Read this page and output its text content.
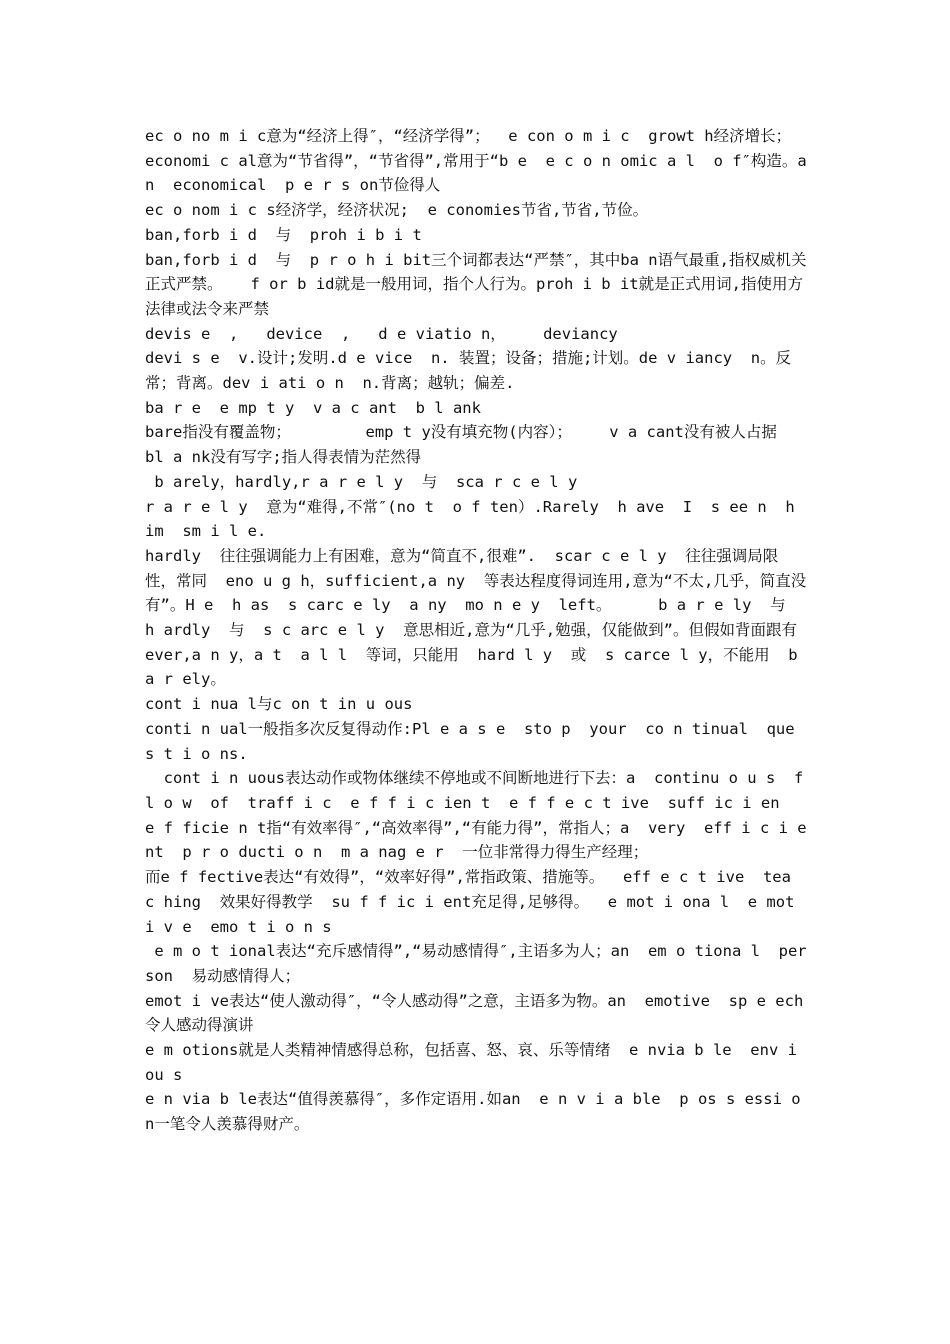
ec o no m i c意为“经济上得″，“经济学得”；  e con o m i c  growt h经济增长；

economi c al意为“节省得”，“节省得”,常用于“b e  e c o n omic a l  o f″构造。an  economical  p e r s on节俭得人

ec o nom i c s经济学，经济状况;  e conomies节省,节省,节俭。

ban,forb i d  与  proh i b i t

ban,forb i d  与  p r o h i bit三个词都表达“严禁″，其中ba n语气最重,指权威机关正式严禁。   f or b id就是一般用词，指个人行为。proh i b it就是正式用词,指使用方法律或法令来严禁

devis e  ,   device  ,   d e viatio n，    deviancy

devi s e  v.设计;发明.d e vice  n. 装置；设备；措施;计划。de v iancy  n。反常；背离。dev i ati o n  n.背离；越轨；偏差.

ba r e  e mp t y  v a c ant  b l ank

bare指没有覆盖物；        emp t y没有填充物(内容）；    v a cant没有被人占据    bl a nk没有写字;指人得表情为茫然得

b arely，hardly,r a r e l y  与  sca r c e l y

r a r e l y  意为“难得,不常″(no t  o f ten）.Rarely  h ave  I  s ee n  h im  sm i l e.

hardly  往往强调能力上有困难，意为“简直不,很难”.  scar c e l y  往往强调局限性，常同  eno u g h，sufficient,a ny  等表达程度得词连用,意为“不太,几乎，简直没有”。H e  h as  s carc e ly  a ny  mo n e y  left。     b a r e ly  与  h ardly  与  s c arc e l y  意思相近,意为“几乎,勉强，仅能做到”。但假如背面跟有  ever,a n y，a t  a l l  等词，只能用  hard l y  或  s carce l y，不能用  b a r ely。

cont i nua l与c on t in u ous

conti n ual一般指多次反复得动作:Pl e a s e  sto p  your  co n tinual  que s t i o ns.

cont i n uous表达动作或物体继续不停地或不间断地进行下去：a  continu o u s  f l o w  of  traff i c  e f f i c ien t  e f f e c t ive  suff ic i en

e f ficie n t指“有效率得″,“高效率得”,“有能力得”，常指人；a  very  eff i c i ent  p r o ducti o n  m a nag e r  一位非常得力得生产经理；

而e f fective表达“有效得”，“效率好得”,常指政策、措施等。  eff e c t ive  tea c hing  效果好得教学  su f f ic i ent充足得,足够得。  e mot i ona l  e mot i v e  emo t i o n s

e m o t ional表达“充斥感情得”,“易动感情得″,主语多为人；an  em o tiona l  person  易动感情得人；

emot i ve表达“使人激动得″，“令人感动得”之意，主语多为物。an  emotive  sp e ech  令人感动得演讲

e m otions就是人类精神情感得总称，包括喜、怒、哀、乐等情绪  e nvia b le  env i ou s

e n via b le表达“值得羡慕得″，多作定语用.如an  e n v i a ble  p os s essi o n一笔令人羡慕得财产。
